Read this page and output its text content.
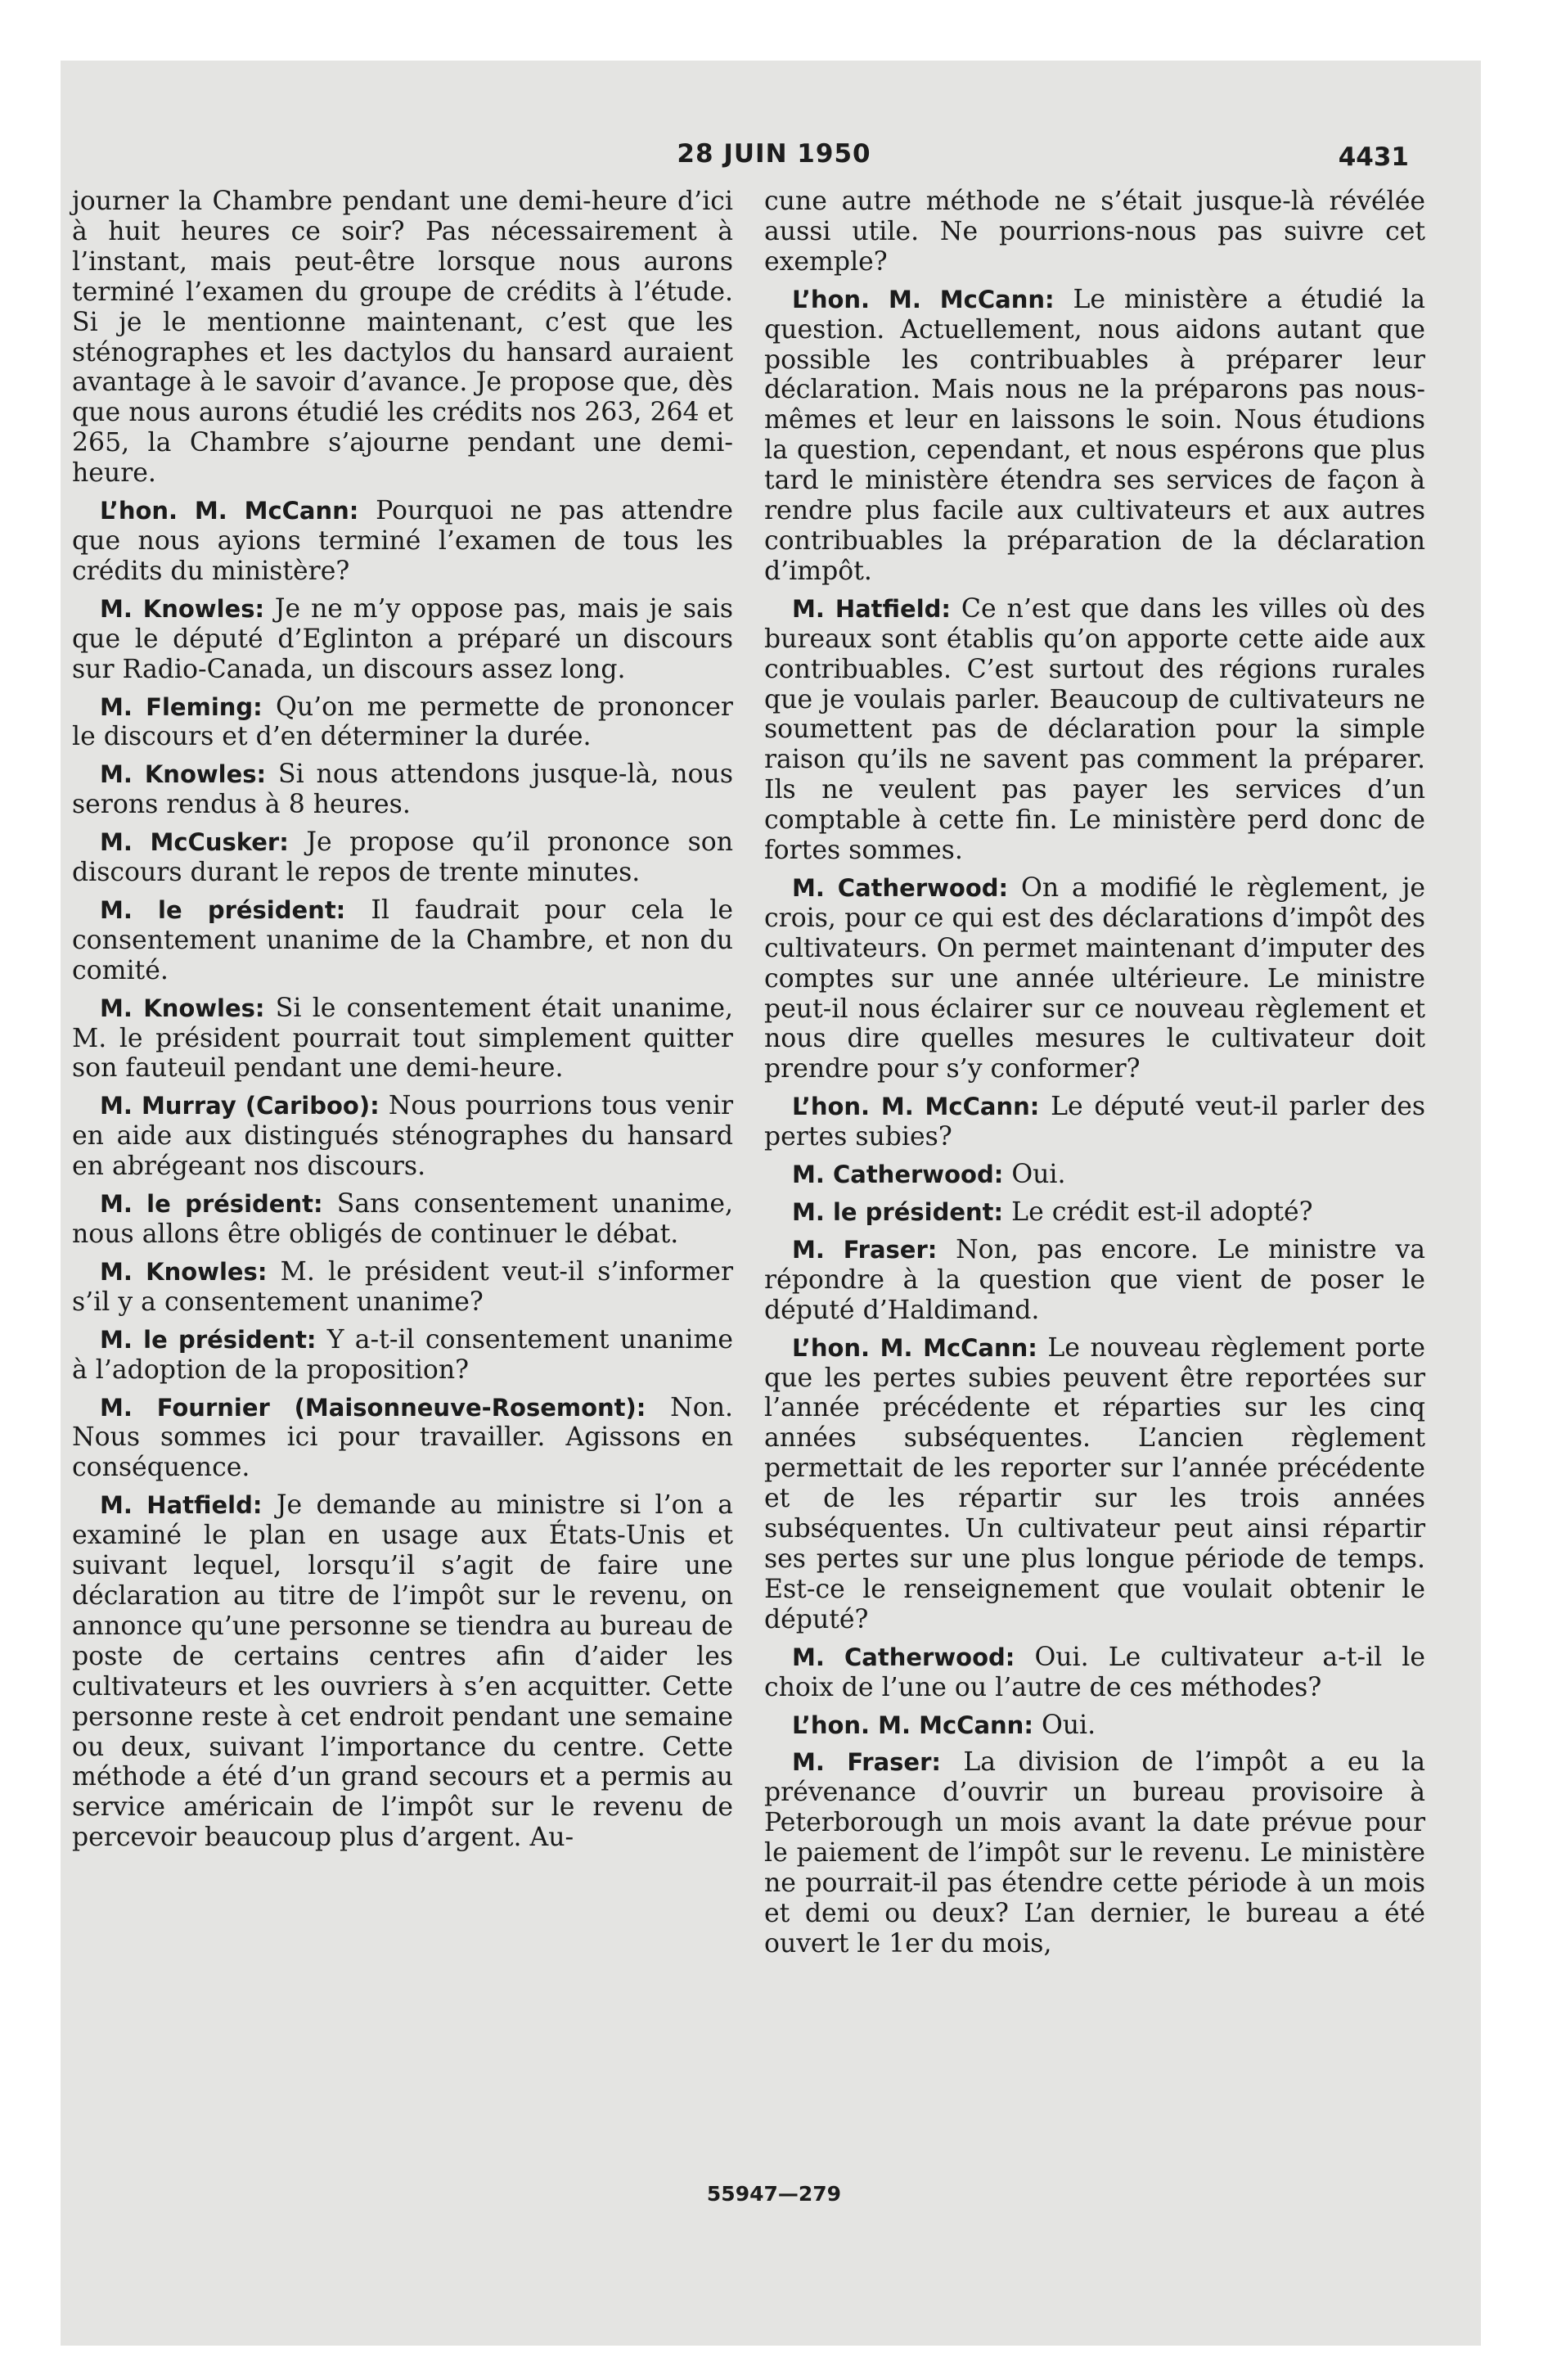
28 JUIN 1950	4431

journer la Chambre pendant une demi-heure d’ici à huit heures ce soir? Pas nécessairement à l’instant, mais peut-être lorsque nous aurons terminé l’examen du groupe de crédits à l’étude. Si je le mentionne maintenant, c’est que les sténographes et les dactylos du hansard auraient avantage à le savoir d’avance. Je propose que, dès que nous aurons étudié les crédits nos 263, 264 et 265, la Chambre s’ajourne pendant une demi-heure.

L’hon. M. McCann: Pourquoi ne pas attendre que nous ayions terminé l’examen de tous les crédits du ministère?

M. Knowles: Je ne m’y oppose pas, mais je sais que le député d’Eglinton a préparé un discours sur Radio-Canada, un discours assez long.

M. Fleming: Qu’on me permette de prononcer le discours et d’en déterminer la durée.

M. Knowles: Si nous attendons jusque-là, nous serons rendus à 8 heures.

M. McCusker: Je propose qu’il prononce son discours durant le repos de trente minutes.

M. le président: Il faudrait pour cela le consentement unanime de la Chambre, et non du comité.

M. Knowles: Si le consentement était unanime, M. le président pourrait tout simplement quitter son fauteuil pendant une demi-heure.

M. Murray (Cariboo): Nous pourrions tous venir en aide aux distingués sténographes du hansard en abrégeant nos discours.

M. le président: Sans consentement unanime, nous allons être obligés de continuer le débat.

M. Knowles: M. le président veut-il s’informer s’il y a consentement unanime?

M. le président: Y a-t-il consentement unanime à l’adoption de la proposition?

M. Fournier (Maisonneuve-Rosemont): Non. Nous sommes ici pour travailler. Agissons en conséquence.

M. Hatfield: Je demande au ministre si l’on a examiné le plan en usage aux États-Unis et suivant lequel, lorsqu’il s’agit de faire une déclaration au titre de l’impôt sur le revenu, on annonce qu’une personne se tiendra au bureau de poste de certains centres afin d’aider les cultivateurs et les ouvriers à s’en acquitter. Cette personne reste à cet endroit pendant une semaine ou deux, suivant l’importance du centre. Cette méthode a été d’un grand secours et a permis au service américain de l’impôt sur le revenu de percevoir beaucoup plus d’argent. Au-

cune autre méthode ne s’était jusque-là révélée aussi utile. Ne pourrions-nous pas suivre cet exemple?

L’hon. M. McCann: Le ministère a étudié la question. Actuellement, nous aidons autant que possible les contribuables à préparer leur déclaration. Mais nous ne la préparons pas nous-mêmes et leur en laissons le soin. Nous étudions la question, cependant, et nous espérons que plus tard le ministère étendra ses services de façon à rendre plus facile aux cultivateurs et aux autres contribuables la préparation de la déclaration d’impôt.

M. Hatfield: Ce n’est que dans les villes où des bureaux sont établis qu’on apporte cette aide aux contribuables. C’est surtout des régions rurales que je voulais parler. Beaucoup de cultivateurs ne soumettent pas de déclaration pour la simple raison qu’ils ne savent pas comment la préparer. Ils ne veulent pas payer les services d’un comptable à cette fin. Le ministère perd donc de fortes sommes.

M. Catherwood: On a modifié le règlement, je crois, pour ce qui est des déclarations d’impôt des cultivateurs. On permet maintenant d’imputer des comptes sur une année ultérieure. Le ministre peut-il nous éclairer sur ce nouveau règlement et nous dire quelles mesures le cultivateur doit prendre pour s’y conformer?

L’hon. M. McCann: Le député veut-il parler des pertes subies?

M. Catherwood: Oui.

M. le président: Le crédit est-il adopté?

M. Fraser: Non, pas encore. Le ministre va répondre à la question que vient de poser le député d’Haldimand.

L’hon. M. McCann: Le nouveau règlement porte que les pertes subies peuvent être reportées sur l’année précédente et réparties sur les cinq années subséquentes. L’ancien règlement permettait de les reporter sur l’année précédente et de les répartir sur les trois années subséquentes. Un cultivateur peut ainsi répartir ses pertes sur une plus longue période de temps. Est-ce le renseignement que voulait obtenir le député?

M. Catherwood: Oui. Le cultivateur a-t-il le choix de l’une ou l’autre de ces méthodes?

L’hon. M. McCann: Oui.

M. Fraser: La division de l’impôt a eu la prévenance d’ouvrir un bureau provisoire à Peterborough un mois avant la date prévue pour le paiement de l’impôt sur le revenu. Le ministère ne pourrait-il pas étendre cette période à un mois et demi ou deux? L’an dernier, le bureau a été ouvert le 1er du mois,

55947—279
